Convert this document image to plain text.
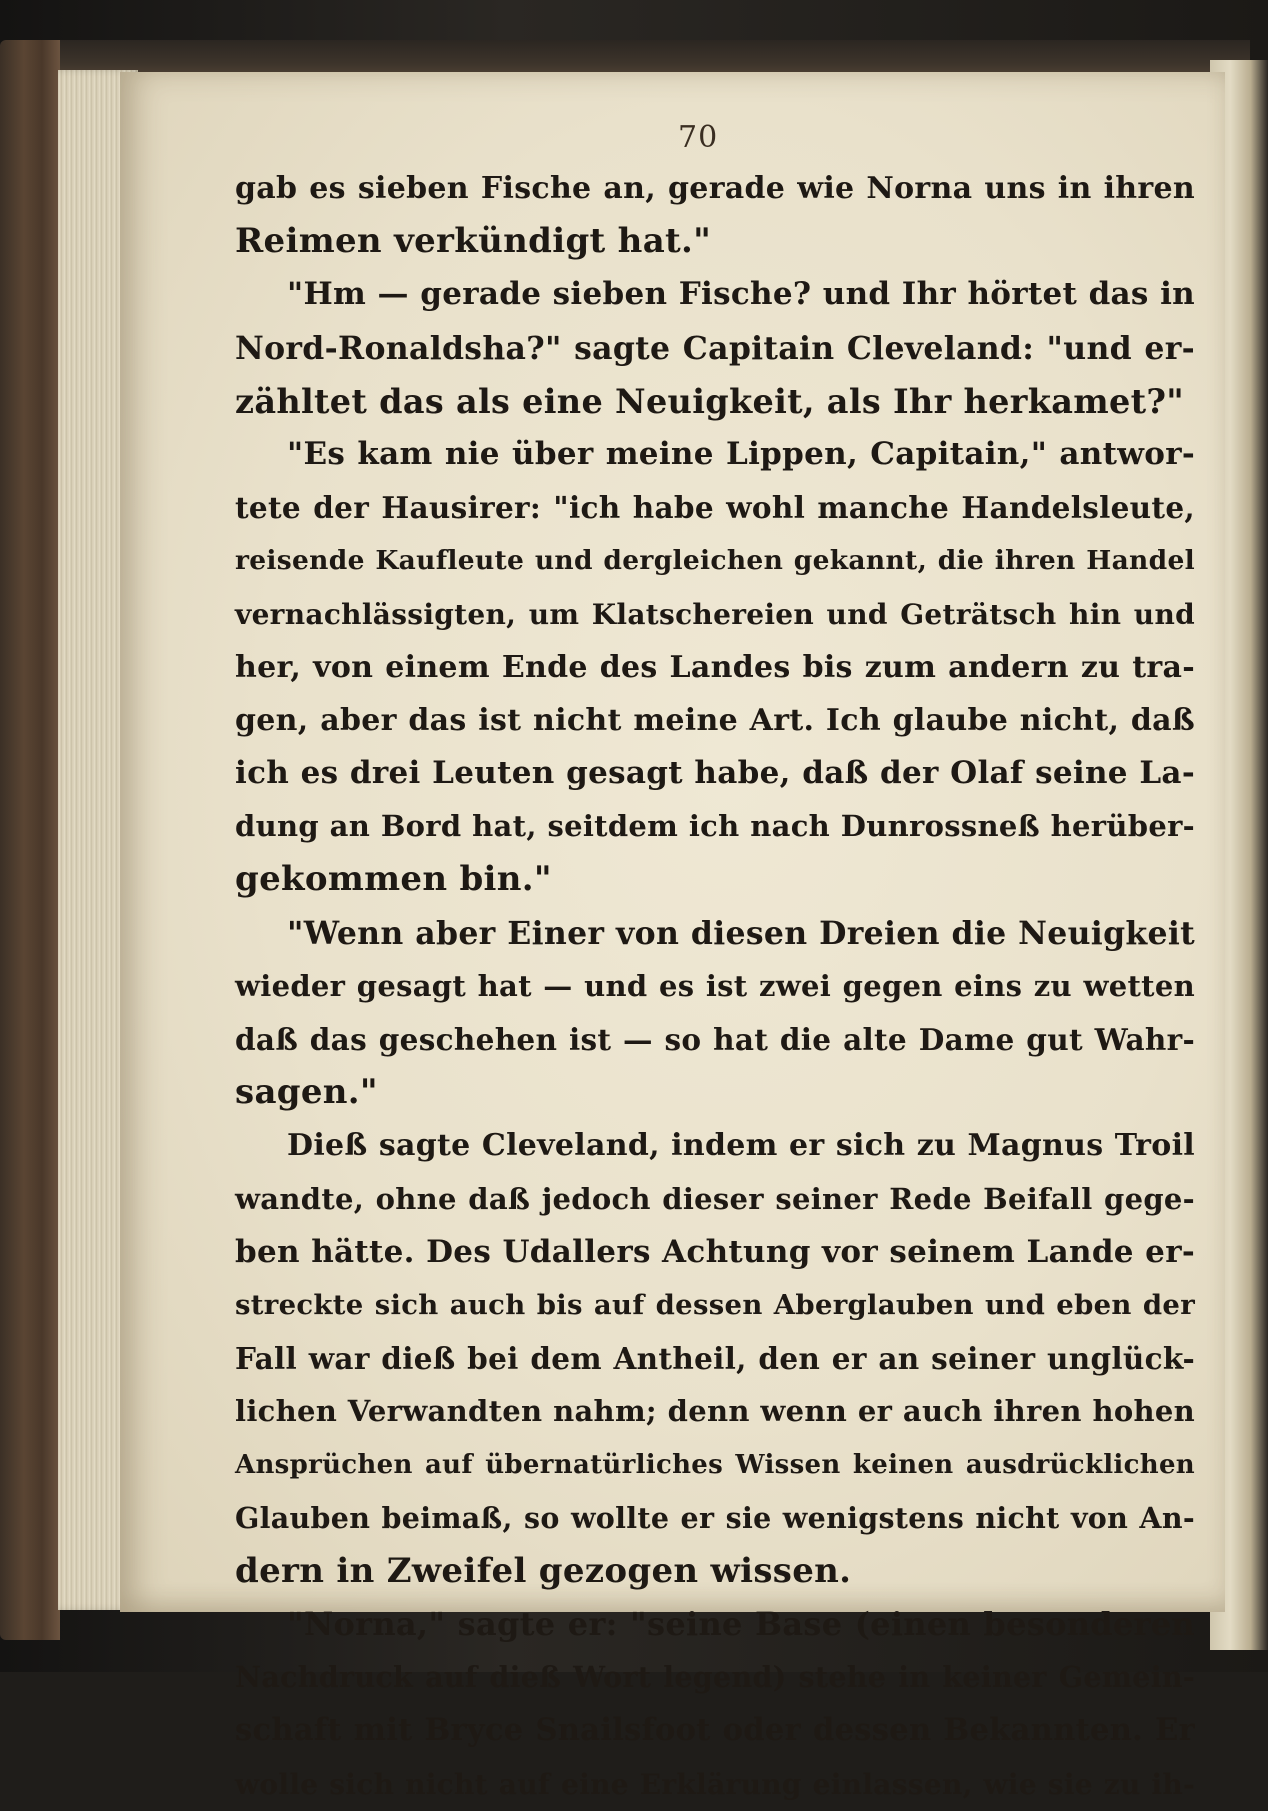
70
gab es sieben Fische an, gerade wie Norna uns in ihren
Reimen verkündigt hat."
"Hm — gerade sieben Fische? und Ihr hörtet das in
Nord-Ronaldsha?" sagte Capitain Cleveland: "und er-
zähltet das als eine Neuigkeit, als Ihr herkamet?"
"Es kam nie über meine Lippen, Capitain," antwor-
tete der Hausirer: "ich habe wohl manche Handelsleute,
reisende Kaufleute und dergleichen gekannt, die ihren Handel
vernachlässigten, um Klatschereien und Geträtsch hin und
her, von einem Ende des Landes bis zum andern zu tra-
gen, aber das ist nicht meine Art. Ich glaube nicht, daß
ich es drei Leuten gesagt habe, daß der Olaf seine La-
dung an Bord hat, seitdem ich nach Dunrossneß herüber-
gekommen bin."
"Wenn aber Einer von diesen Dreien die Neuigkeit
wieder gesagt hat — und es ist zwei gegen eins zu wetten
daß das geschehen ist — so hat die alte Dame gut Wahr-
sagen."
Dieß sagte Cleveland, indem er sich zu Magnus Troil
wandte, ohne daß jedoch dieser seiner Rede Beifall gege-
ben hätte. Des Udallers Achtung vor seinem Lande er-
streckte sich auch bis auf dessen Aberglauben und eben der
Fall war dieß bei dem Antheil, den er an seiner unglück-
lichen Verwandten nahm; denn wenn er auch ihren hohen
Ansprüchen auf übernatürliches Wissen keinen ausdrücklichen
Glauben beimaß, so wollte er sie wenigstens nicht von An-
dern in Zweifel gezogen wissen.
"Norna," sagte er: "seine Base (einen besonderen
Nachdruck auf dieß Wort legend) stehe in keiner Gemein-
schaft mit Bryce Snailsfoot oder dessen Bekannten. Er
wolle sich nicht auf eine Erklärung einlassen, wie sie zu ih-
